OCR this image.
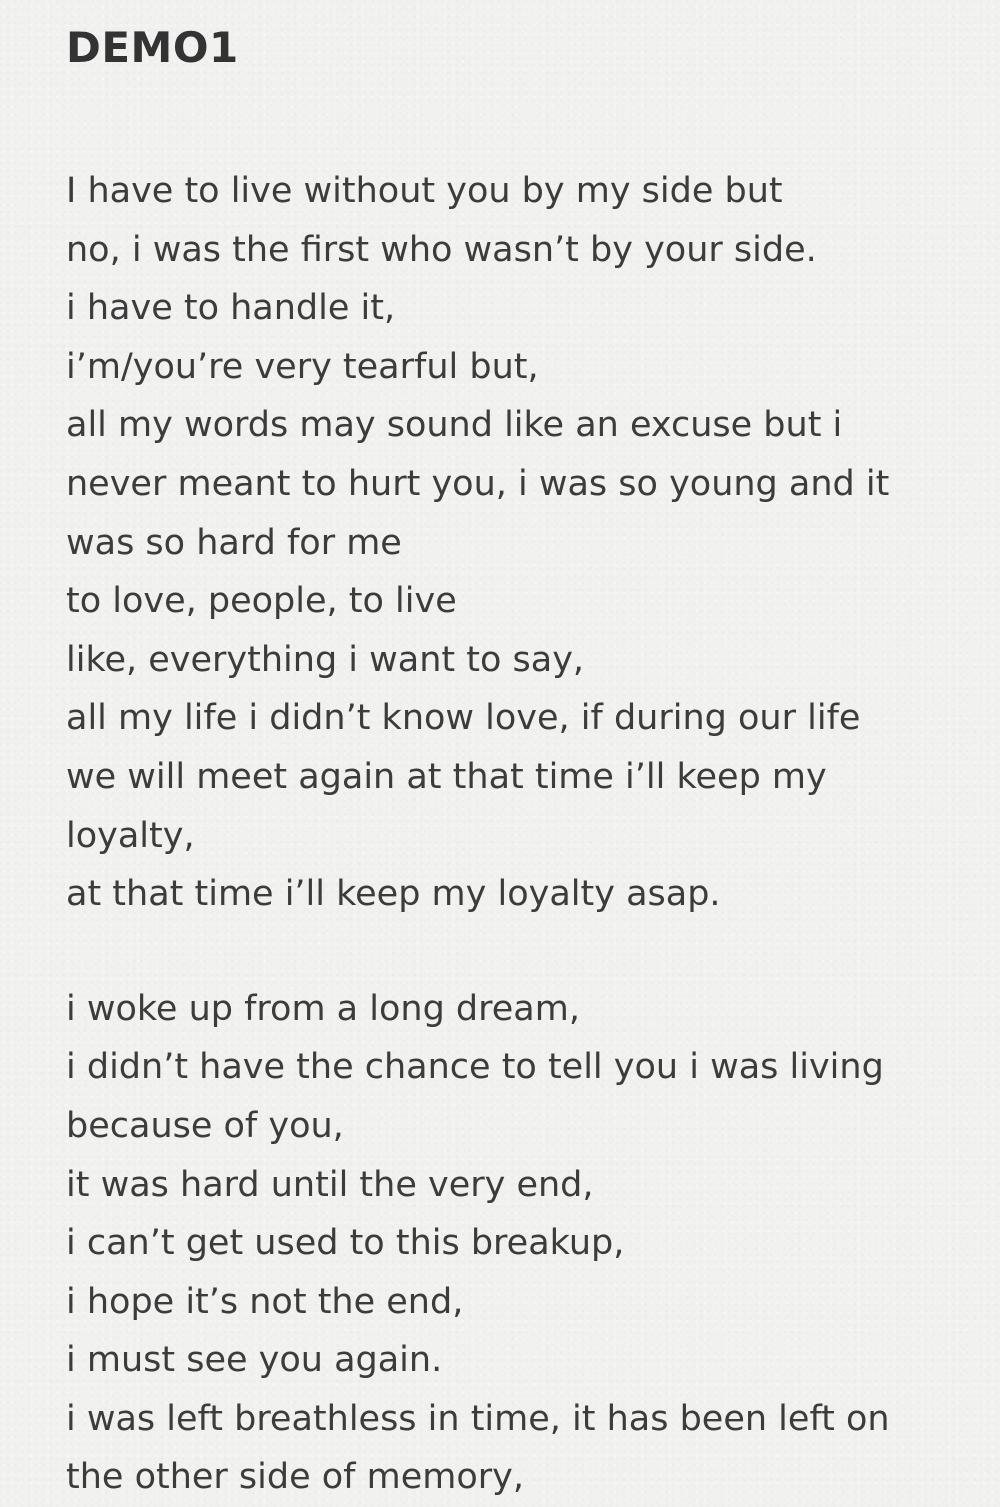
DEMO1

I have to live without you by my side but
no, i was the first who wasn’t by your side.
i have to handle it,
i’m/you’re very tearful but,
all my words may sound like an excuse but i
never meant to hurt you, i was so young and it
was so hard for me
to love, people, to live
like, everything i want to say,
all my life i didn’t know love, if during our life
we will meet again at that time i’ll keep my
loyalty,
at that time i’ll keep my loyalty asap.

i woke up from a long dream,
i didn’t have the chance to tell you i was living
because of you,
it was hard until the very end,
i can’t get used to this breakup,
i hope it’s not the end,
i must see you again.
i was left breathless in time, it has been left on
the other side of memory,
